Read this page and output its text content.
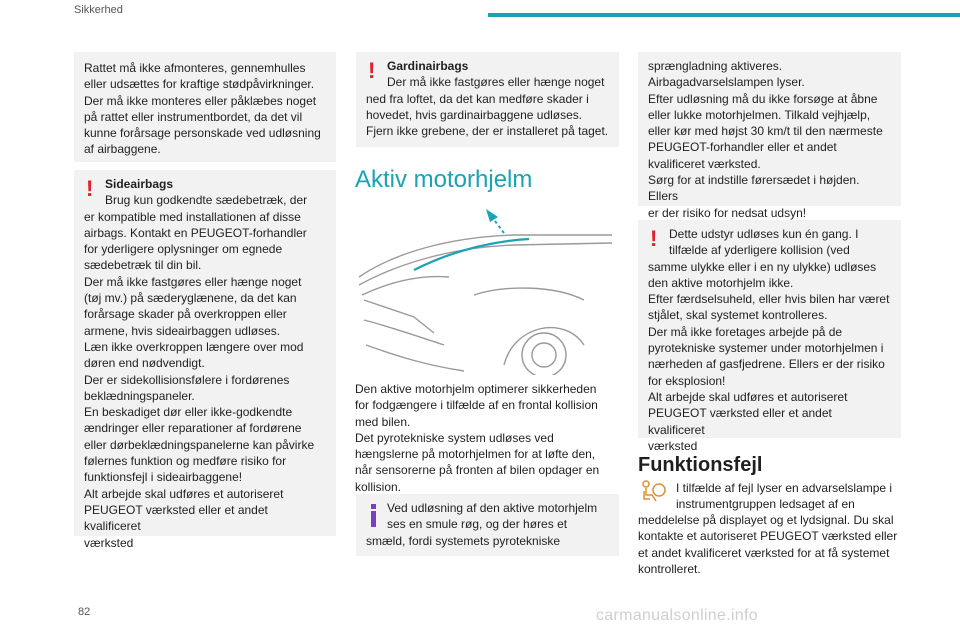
Sikkerhed

Rattet må ikke afmonteres, gennemhulles
eller udsættes for kraftige stødpåvirkninger.
Der må ikke monteres eller påklæbes noget
på rattet eller instrumentbordet, da det vil
kunne forårsage personskade ved udløsning
af airbaggene.

! Sideairbags

Brug kun godkendte sædebetræk, der

er kompatible med installationen af disse
airbags. Kontakt en PEUGEOT-forhandler
for yderligere oplysninger om egnede
sædebetræk til din bil.
Der må ikke fastgøres eller hænge noget
(tøj mv.) på sæderyglænene, da det kan
forårsage skader på overkroppen eller
armene, hvis sideairbaggen udløses.
Læn ikke overkroppen længere over mod
døren end nødvendigt.
Der er sidekollisionsfølere i fordørenes
beklædningspaneler.
En beskadiget dør eller ikke-godkendte
ændringer eller reparationer af fordørene
eller dørbeklædningspanelerne kan påvirke
følernes funktion og medføre risiko for
funktionsfejl i sideairbaggene!
Alt arbejde skal udføres et autoriseret
PEUGEOT værksted eller et andet kvalificeret
værksted

! Gardinairbags

Der må ikke fastgøres eller hænge noget

ned fra loftet, da det kan medføre skader i
hovedet, hvis gardinairbaggene udløses.
Fjern ikke grebene, der er installeret på taget.

Aktiv motorhjelm
Den aktive motorhjelm optimerer sikkerheden
for fodgængere i tilfælde af en frontal kollision
med bilen.
Det pyrotekniske system udløses ved
hængslerne på motorhjelmen for at løfte den,
når sensorerne på fronten af bilen opdager en
kollision.

Ved udløsning af den aktive motorhjelm
ses en smule røg, og der høres et

smæld, fordi systemets pyrotekniske

sprængladning aktiveres.
Airbagadvarselslampen lyser.
Efter udløsning må du ikke forsøge at åbne
eller lukke motorhjelmen. Tilkald vejhjælp,
eller kør med højst 30 km/t til den nærmeste
PEUGEOT-forhandler eller et andet
kvalificeret værksted.
Sørg for at indstille førersædet i højden. Ellers
er der risiko for nedsat udsyn!

! Dette udstyr udløses kun én gang. I
tilfælde af yderligere kollision (ved

samme ulykke eller i en ny ulykke) udløses
den aktive motorhjelm ikke.
Efter færdselsuheld, eller hvis bilen har været
stjålet, skal systemet kontrolleres.
Der må ikke foretages arbejde på de
pyrotekniske systemer under motorhjelmen i
nærheden af gasfjedrene. Ellers er der risiko
for eksplosion!
Alt arbejde skal udføres et autoriseret
PEUGEOT værksted eller et andet kvalificeret
værksted

Funktionsfejl
I tilfælde af fejl lyser en advarselslampe i
instrumentgruppen ledsaget af en
meddelelse på displayet og et lydsignal. Du skal
kontakte et autoriseret PEUGEOT værksted eller
et andet kvalificeret værksted for at få systemet
kontrolleret.
82	carmanualsonline.info
